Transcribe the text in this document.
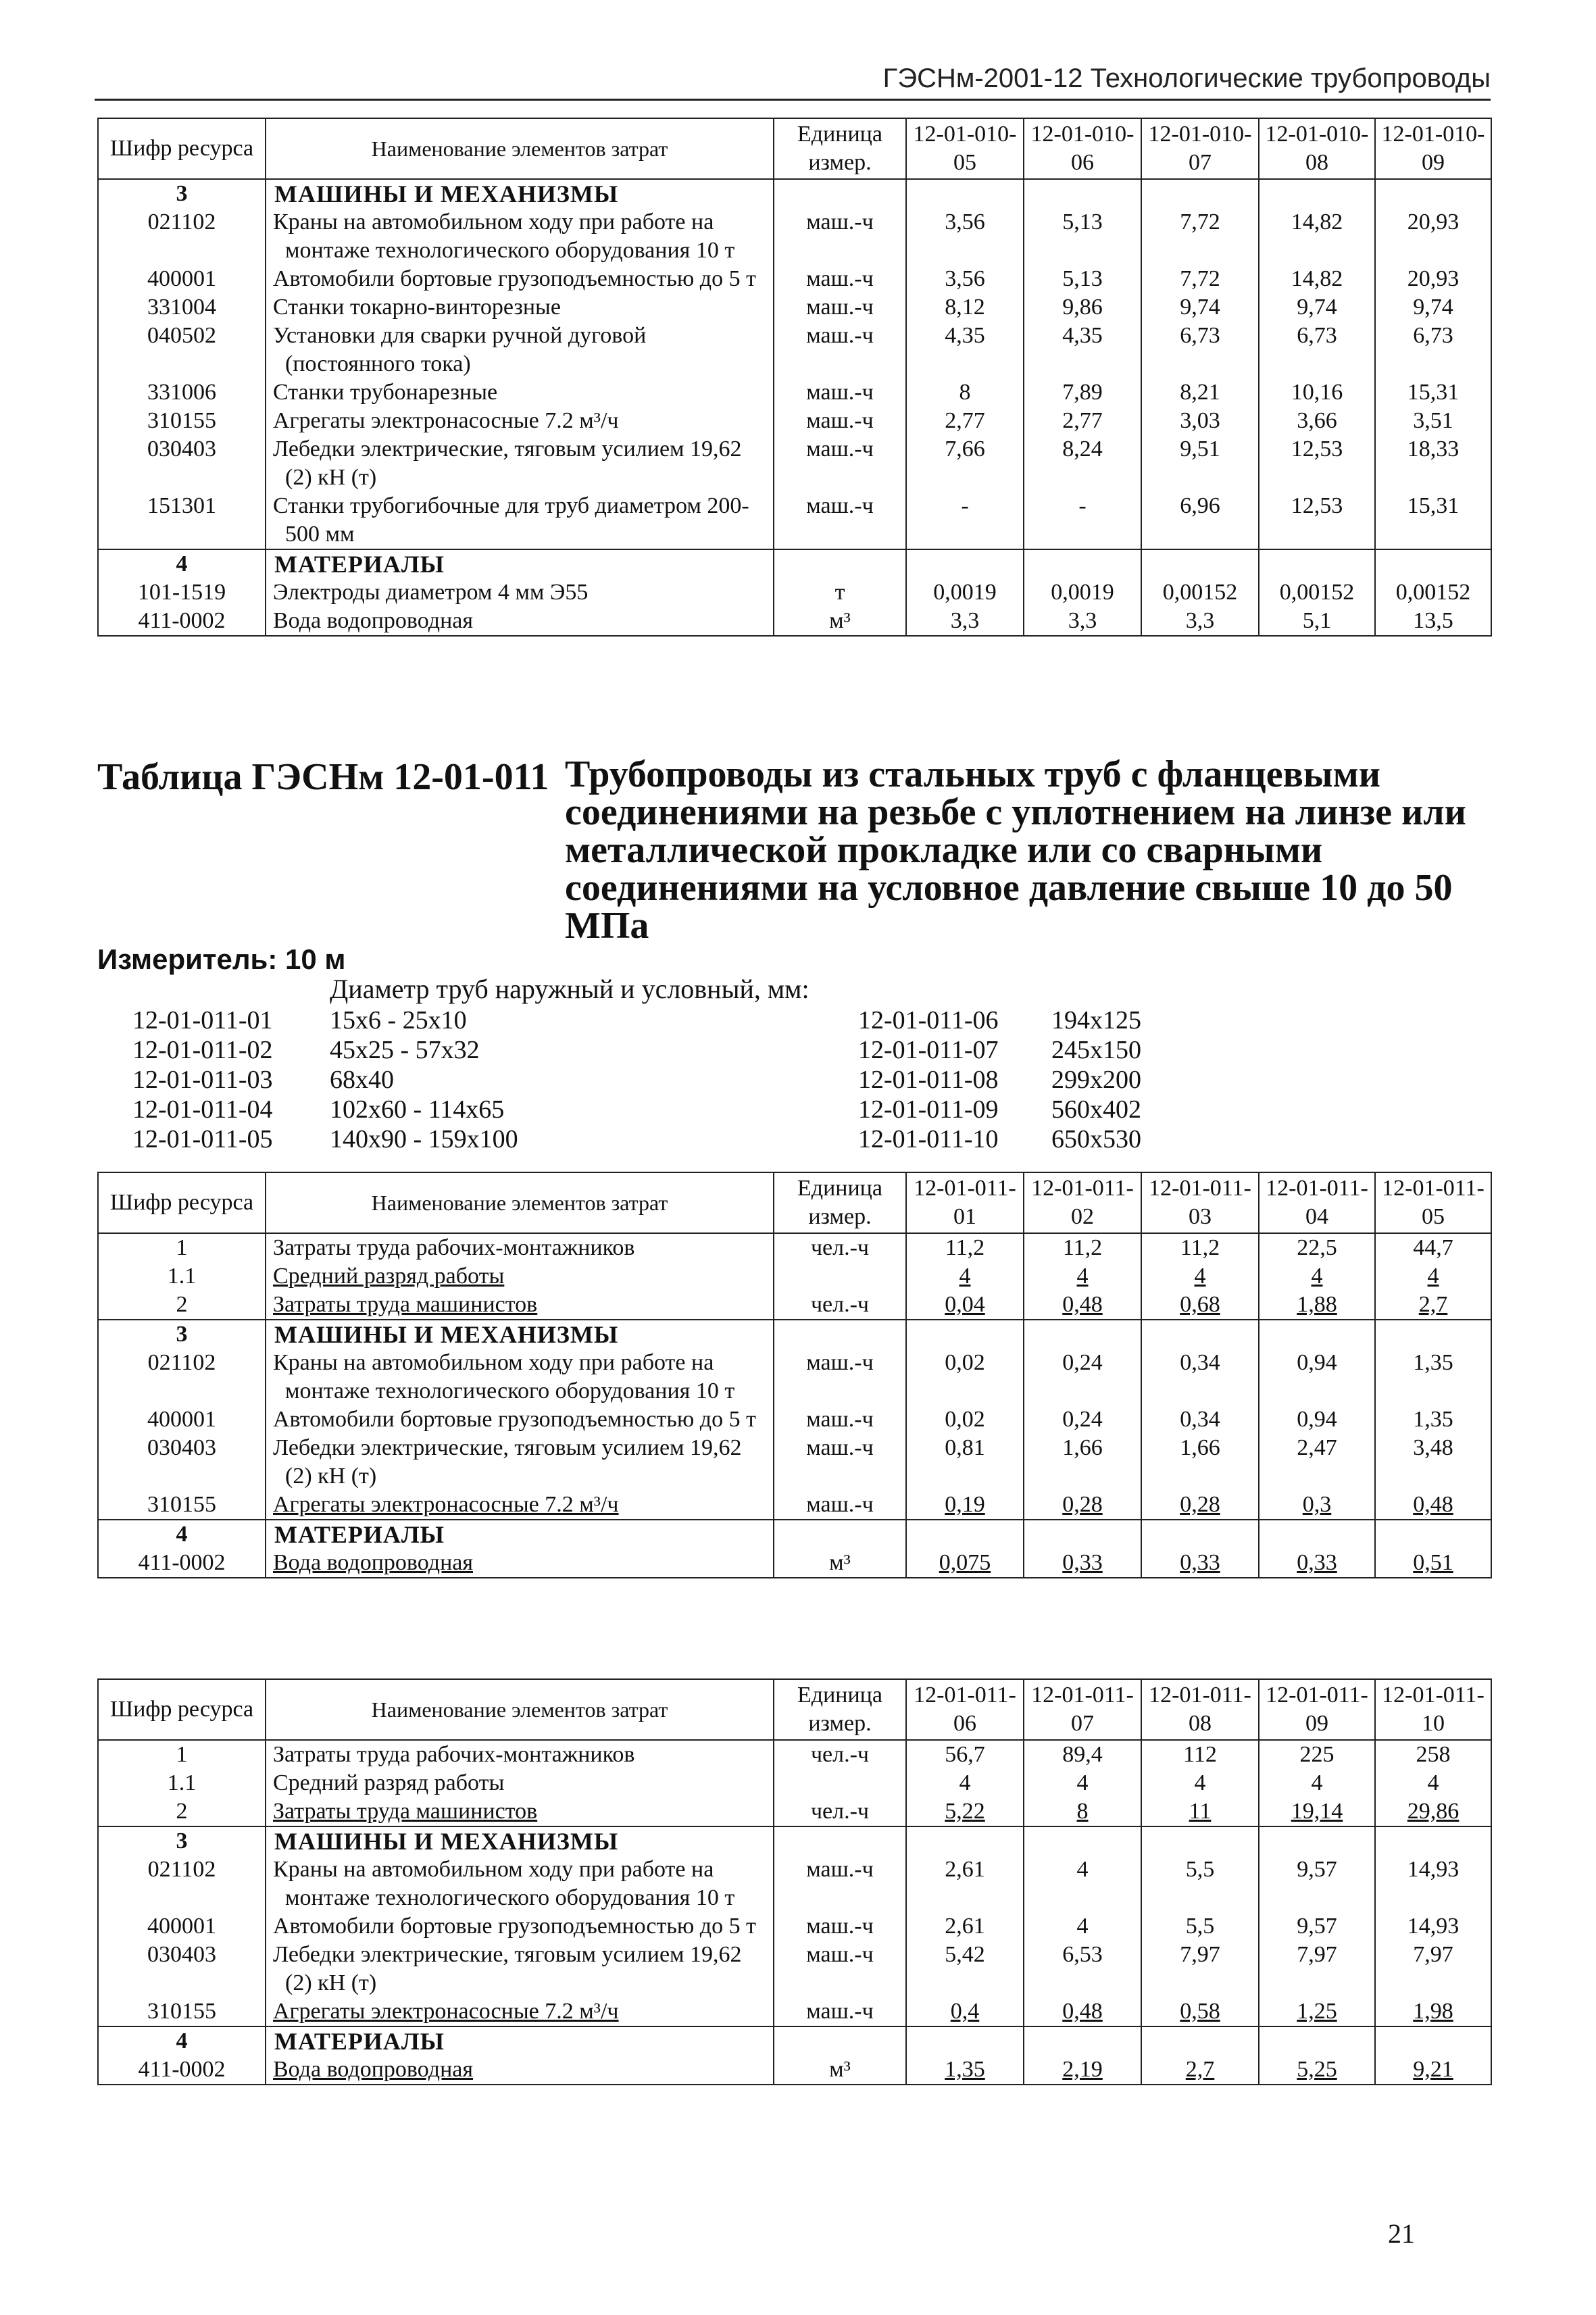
ГЭСНм-2001-12 Технологические трубопроводы
Шифр ресурса	Наименование элементов затрат	Единица измер.	12-01-010-05	12-01-010-06	12-01-010-07	12-01-010-08	12-01-010-09
3	МАШИНЫ И МЕХАНИЗМЫ						
021102	Краны на автомобильном ходу при работе на монтаже технологического оборудования 10 т	маш.-ч	3,56	5,13	7,72	14,82	20,93
400001	Автомобили бортовые грузоподъемностью до 5 т	маш.-ч	3,56	5,13	7,72	14,82	20,93
331004	Станки токарно-винторезные	маш.-ч	8,12	9,86	9,74	9,74	9,74
040502	Установки для сварки ручной дуговой (постоянного тока)	маш.-ч	4,35	4,35	6,73	6,73	6,73
331006	Станки трубонарезные	маш.-ч	8	7,89	8,21	10,16	15,31
310155	Агрегаты электронасосные 7.2 м³/ч	маш.-ч	2,77	2,77	3,03	3,66	3,51
030403	Лебедки электрические, тяговым усилием 19,62 (2) кН (т)	маш.-ч	7,66	8,24	9,51	12,53	18,33
151301	Станки трубогибочные для труб диаметром 200-500 мм	маш.-ч	-	-	6,96	12,53	15,31
4	МАТЕРИАЛЫ						
101-1519	Электроды диаметром 4 мм Э55	т	0,0019	0,0019	0,00152	0,00152	0,00152
411-0002	Вода водопроводная	м³	3,3	3,3	3,3	5,1	13,5
Таблица ГЭСНм 12-01-011 Трубопроводы из стальных труб с фланцевыми соединениями на резьбе с уплотнением на линзе или металлической прокладке или со сварными соединениями на условное давление свыше 10 до 50 МПа
Измеритель: 10 м
Диаметр труб наружный и условный, мм:
12-01-011-01 15х6 - 25х10	12-01-011-06 194х125
12-01-011-02 45х25 - 57х32	12-01-011-07 245х150
12-01-011-03 68х40	12-01-011-08 299х200
12-01-011-04 102х60 - 114х65	12-01-011-09 560х402
12-01-011-05 140х90 - 159х100	12-01-011-10 650х530
Шифр ресурса	Наименование элементов затрат	Единица измер.	12-01-011-01	12-01-011-02	12-01-011-03	12-01-011-04	12-01-011-05
1	Затраты труда рабочих-монтажников	чел.-ч	11,2	11,2	11,2	22,5	44,7
1.1	Средний разряд работы		4	4	4	4	4
2	Затраты труда машинистов	чел.-ч	0,04	0,48	0,68	1,88	2,7
3	МАШИНЫ И МЕХАНИЗМЫ						
021102	Краны на автомобильном ходу при работе на монтаже технологического оборудования 10 т	маш.-ч	0,02	0,24	0,34	0,94	1,35
400001	Автомобили бортовые грузоподъемностью до 5 т	маш.-ч	0,02	0,24	0,34	0,94	1,35
030403	Лебедки электрические, тяговым усилием 19,62 (2) кН (т)	маш.-ч	0,81	1,66	1,66	2,47	3,48
310155	Агрегаты электронасосные 7.2 м³/ч	маш.-ч	0,19	0,28	0,28	0,3	0,48
4	МАТЕРИАЛЫ						
411-0002	Вода водопроводная	м³	0,075	0,33	0,33	0,33	0,51
Шифр ресурса	Наименование элементов затрат	Единица измер.	12-01-011-06	12-01-011-07	12-01-011-08	12-01-011-09	12-01-011-10
1	Затраты труда рабочих-монтажников	чел.-ч	56,7	89,4	112	225	258
1.1	Средний разряд работы		4	4	4	4	4
2	Затраты труда машинистов	чел.-ч	5,22	8	11	19,14	29,86
3	МАШИНЫ И МЕХАНИЗМЫ						
021102	Краны на автомобильном ходу при работе на монтаже технологического оборудования 10 т	маш.-ч	2,61	4	5,5	9,57	14,93
400001	Автомобили бортовые грузоподъемностью до 5 т	маш.-ч	2,61	4	5,5	9,57	14,93
030403	Лебедки электрические, тяговым усилием 19,62 (2) кН (т)	маш.-ч	5,42	6,53	7,97	7,97	7,97
310155	Агрегаты электронасосные 7.2 м³/ч	маш.-ч	0,4	0,48	0,58	1,25	1,98
4	МАТЕРИАЛЫ						
411-0002	Вода водопроводная	м³	1,35	2,19	2,7	5,25	9,21
21
